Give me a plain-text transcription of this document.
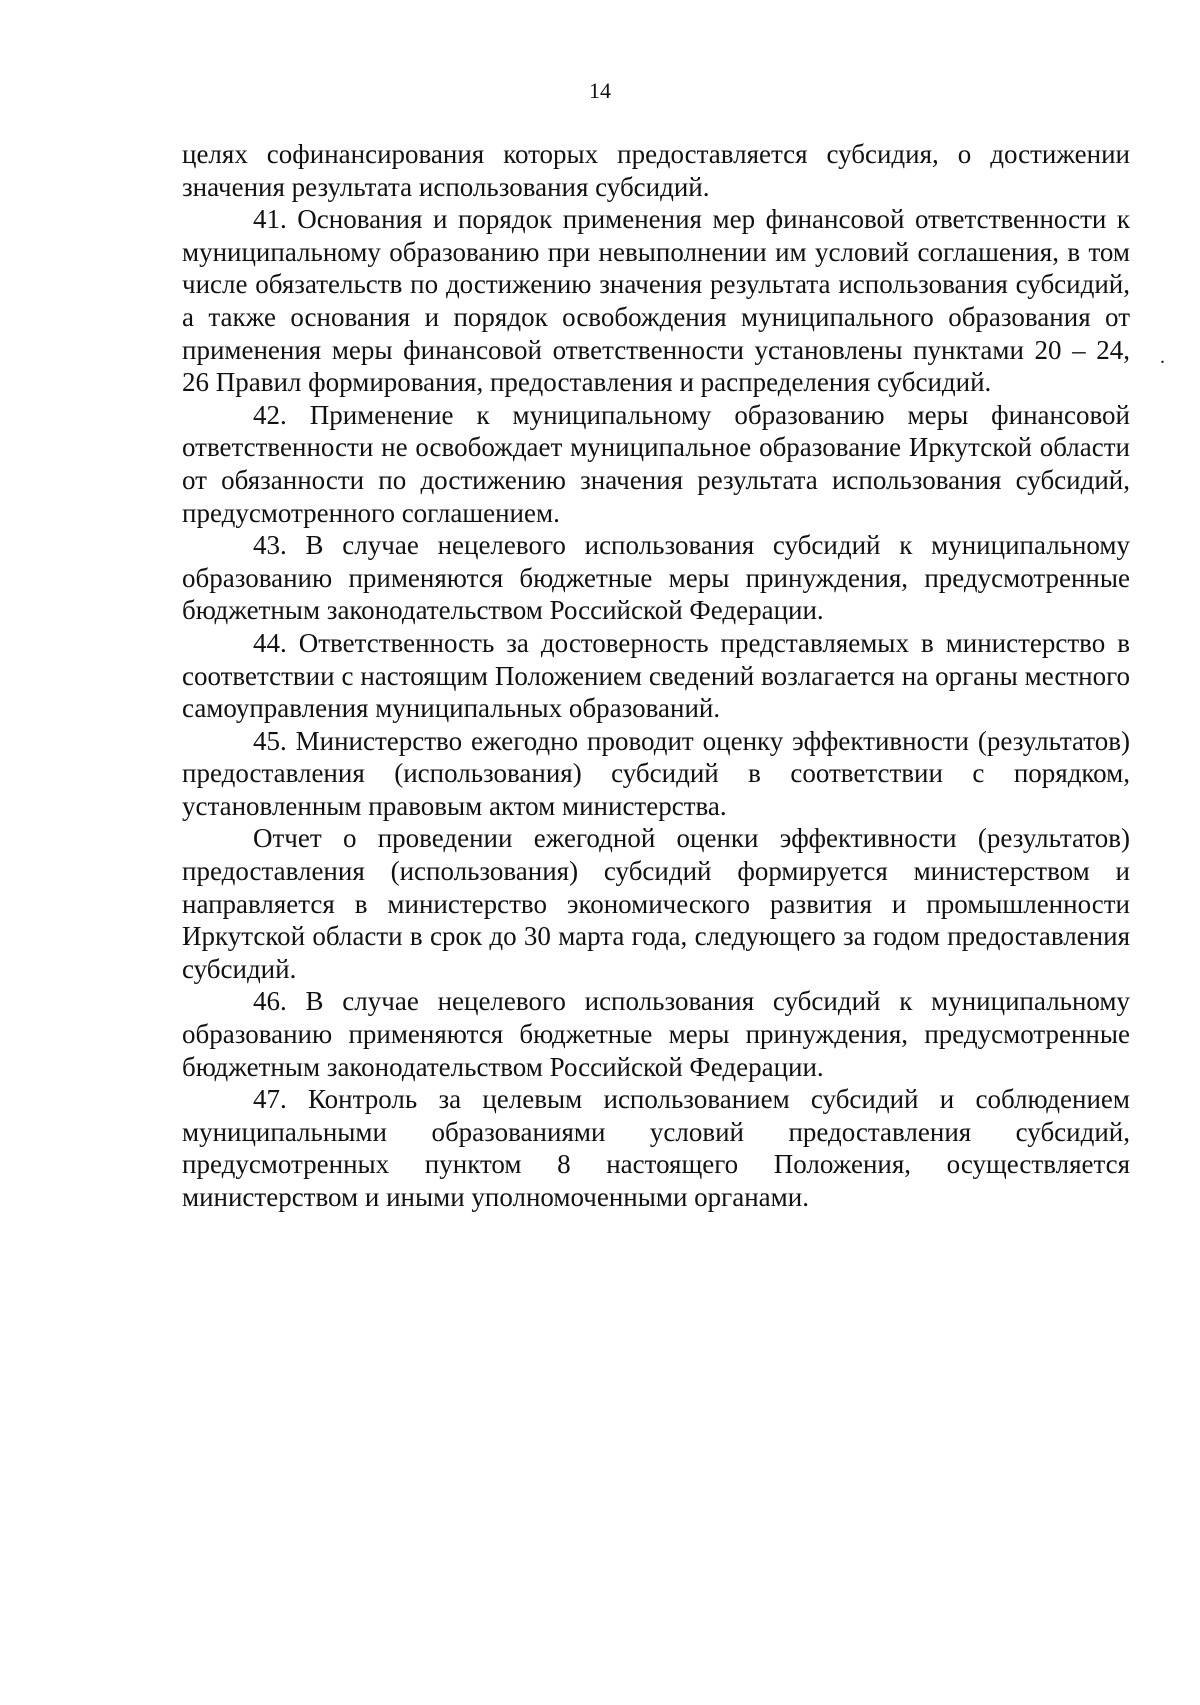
14

целях софинансирования которых предоставляется субсидия, о достижении значения результата использования субсидий.

41. Основания и порядок применения мер финансовой ответственности к муниципальному образованию при невыполнении им условий соглашения, в том числе обязательств по достижению значения результата использования субсидий, а также основания и порядок освобождения муниципального образования от применения меры финансовой ответственности установлены пунктами 20 – 24, 26 Правил формирования, предоставления и распределения субсидий.

42. Применение к муниципальному образованию меры финансовой ответственности не освобождает муниципальное образование Иркутской области от обязанности по достижению значения результата использования субсидий, предусмотренного соглашением.

43. В случае нецелевого использования субсидий к муниципальному образованию применяются бюджетные меры принуждения, предусмотренные бюджетным законодательством Российской Федерации.

44. Ответственность за достоверность представляемых в министерство в соответствии с настоящим Положением сведений возлагается на органы местного самоуправления муниципальных образований.

45. Министерство ежегодно проводит оценку эффективности (результатов) предоставления (использования) субсидий в соответствии с порядком, установленным правовым актом министерства.

Отчет о проведении ежегодной оценки эффективности (результатов) предоставления (использования) субсидий формируется министерством и направляется в министерство экономического развития и промышленности Иркутской области в срок до 30 марта года, следующего за годом предоставления субсидий.

46. В случае нецелевого использования субсидий к муниципальному образованию применяются бюджетные меры принуждения, предусмотренные бюджетным законодательством Российской Федерации.

47. Контроль за целевым использованием субсидий и соблюдением муниципальными образованиями условий предоставления субсидий, предусмотренных пунктом 8 настоящего Положения, осуществляется министерством и иными уполномоченными органами.

.
